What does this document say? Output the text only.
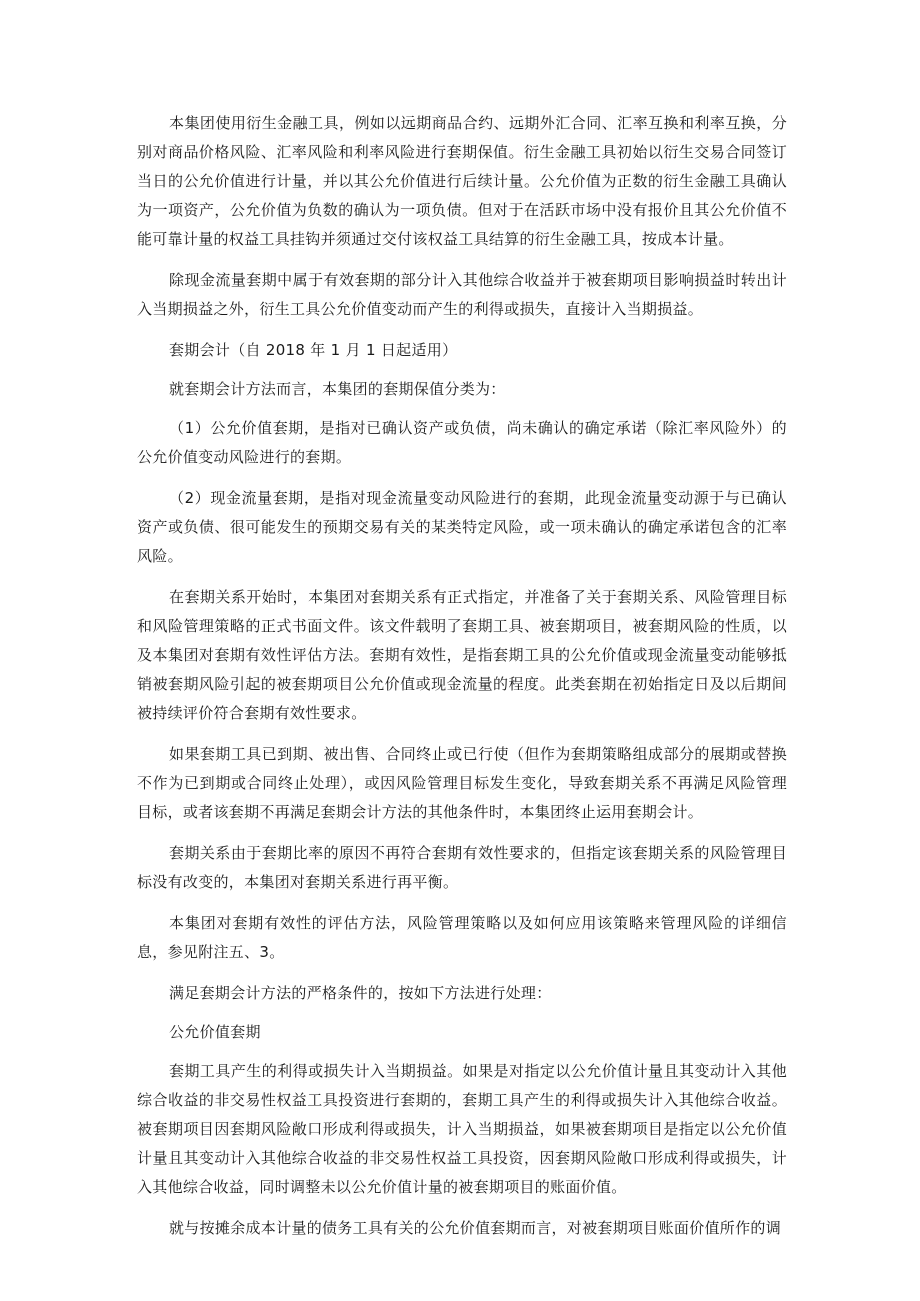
本集团使用衍生金融工具，例如以远期商品合约、远期外汇合同、汇率互换和利率互换，分别对商品价格风险、汇率风险和利率风险进行套期保值。衍生金融工具初始以衍生交易合同签订当日的公允价值进行计量，并以其公允价值进行后续计量。公允价值为正数的衍生金融工具确认为一项资产，公允价值为负数的确认为一项负债。但对于在活跃市场中没有报价且其公允价值不能可靠计量的权益工具挂钩并须通过交付该权益工具结算的衍生金融工具，按成本计量。

除现金流量套期中属于有效套期的部分计入其他综合收益并于被套期项目影响损益时转出计入当期损益之外，衍生工具公允价值变动而产生的利得或损失，直接计入当期损益。

套期会计（自 2018 年 1 月 1 日起适用）

就套期会计方法而言，本集团的套期保值分类为：

（1）公允价值套期，是指对已确认资产或负债，尚未确认的确定承诺（除汇率风险外）的公允价值变动风险进行的套期。

（2）现金流量套期，是指对现金流量变动风险进行的套期，此现金流量变动源于与已确认资产或负债、很可能发生的预期交易有关的某类特定风险，或一项未确认的确定承诺包含的汇率风险。

在套期关系开始时，本集团对套期关系有正式指定，并准备了关于套期关系、风险管理目标和风险管理策略的正式书面文件。该文件载明了套期工具、被套期项目，被套期风险的性质，以及本集团对套期有效性评估方法。套期有效性，是指套期工具的公允价值或现金流量变动能够抵销被套期风险引起的被套期项目公允价值或现金流量的程度。此类套期在初始指定日及以后期间被持续评价符合套期有效性要求。

如果套期工具已到期、被出售、合同终止或已行使（但作为套期策略组成部分的展期或替换不作为已到期或合同终止处理），或因风险管理目标发生变化，导致套期关系不再满足风险管理目标，或者该套期不再满足套期会计方法的其他条件时，本集团终止运用套期会计。

套期关系由于套期比率的原因不再符合套期有效性要求的，但指定该套期关系的风险管理目标没有改变的，本集团对套期关系进行再平衡。

本集团对套期有效性的评估方法，风险管理策略以及如何应用该策略来管理风险的详细信息，参见附注五、3。

满足套期会计方法的严格条件的，按如下方法进行处理：

公允价值套期

套期工具产生的利得或损失计入当期损益。如果是对指定以公允价值计量且其变动计入其他综合收益的非交易性权益工具投资进行套期的，套期工具产生的利得或损失计入其他综合收益。被套期项目因套期风险敞口形成利得或损失，计入当期损益，如果被套期项目是指定以公允价值计量且其变动计入其他综合收益的非交易性权益工具投资，因套期风险敞口形成利得或损失，计入其他综合收益，同时调整未以公允价值计量的被套期项目的账面价值。

就与按摊余成本计量的债务工具有关的公允价值套期而言，对被套期项目账面价值所作的调
